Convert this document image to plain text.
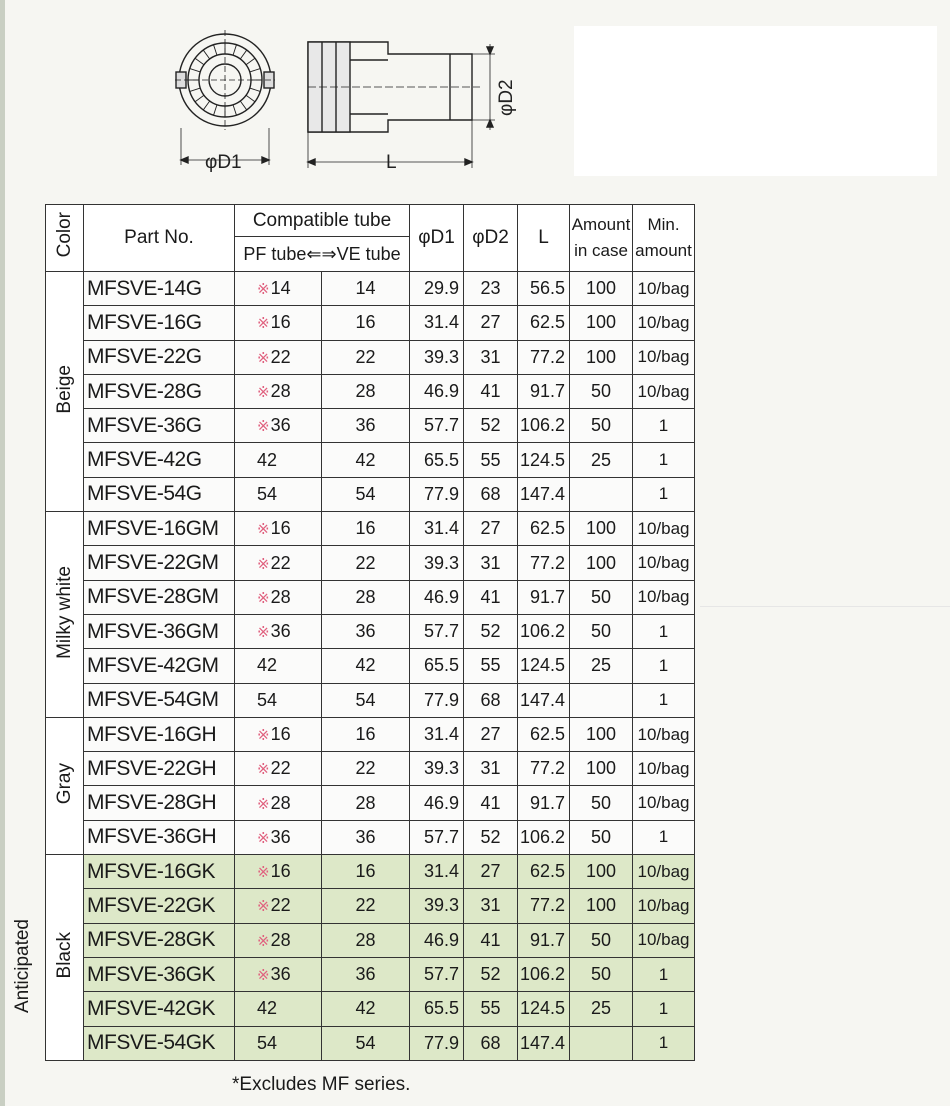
φD1	L
φD2
Color	Part No.	Compatible tube		φD1	φD2	L	Amount in case	Min. amount
		PF tube⇐⇒VE tube						
Beige	MFSVE-14G	※14	14	29.9	23	56.5	100	10/bag
	MFSVE-16G	※16	16	31.4	27	62.5	100	10/bag
	MFSVE-22G	※22	22	39.3	31	77.2	100	10/bag
	MFSVE-28G	※28	28	46.9	41	91.7	50	10/bag
	MFSVE-36G	※36	36	57.7	52	106.2	50	1
	MFSVE-42G	42	42	65.5	55	124.5	25	1
	MFSVE-54G	54	54	77.9	68	147.4		1
Milky white	MFSVE-16GM	※16	16	31.4	27	62.5	100	10/bag
	MFSVE-22GM	※22	22	39.3	31	77.2	100	10/bag
	MFSVE-28GM	※28	28	46.9	41	91.7	50	10/bag
	MFSVE-36GM	※36	36	57.7	52	106.2	50	1
	MFSVE-42GM	42	42	65.5	55	124.5	25	1
	MFSVE-54GM	54	54	77.9	68	147.4		1
Gray	MFSVE-16GH	※16	16	31.4	27	62.5	100	10/bag
	MFSVE-22GH	※22	22	39.3	31	77.2	100	10/bag
	MFSVE-28GH	※28	28	46.9	41	91.7	50	10/bag
	MFSVE-36GH	※36	36	57.7	52	106.2	50	1
Black	MFSVE-16GK	※16	16	31.4	27	62.5	100	10/bag
	MFSVE-22GK	※22	22	39.3	31	77.2	100	10/bag
	MFSVE-28GK	※28	28	46.9	41	91.7	50	10/bag
	MFSVE-36GK	※36	36	57.7	52	106.2	50	1
	MFSVE-42GK	42	42	65.5	55	124.5	25	1
	MFSVE-54GK	54	54	77.9	68	147.4		1
Anticipated
*Excludes MF series.
